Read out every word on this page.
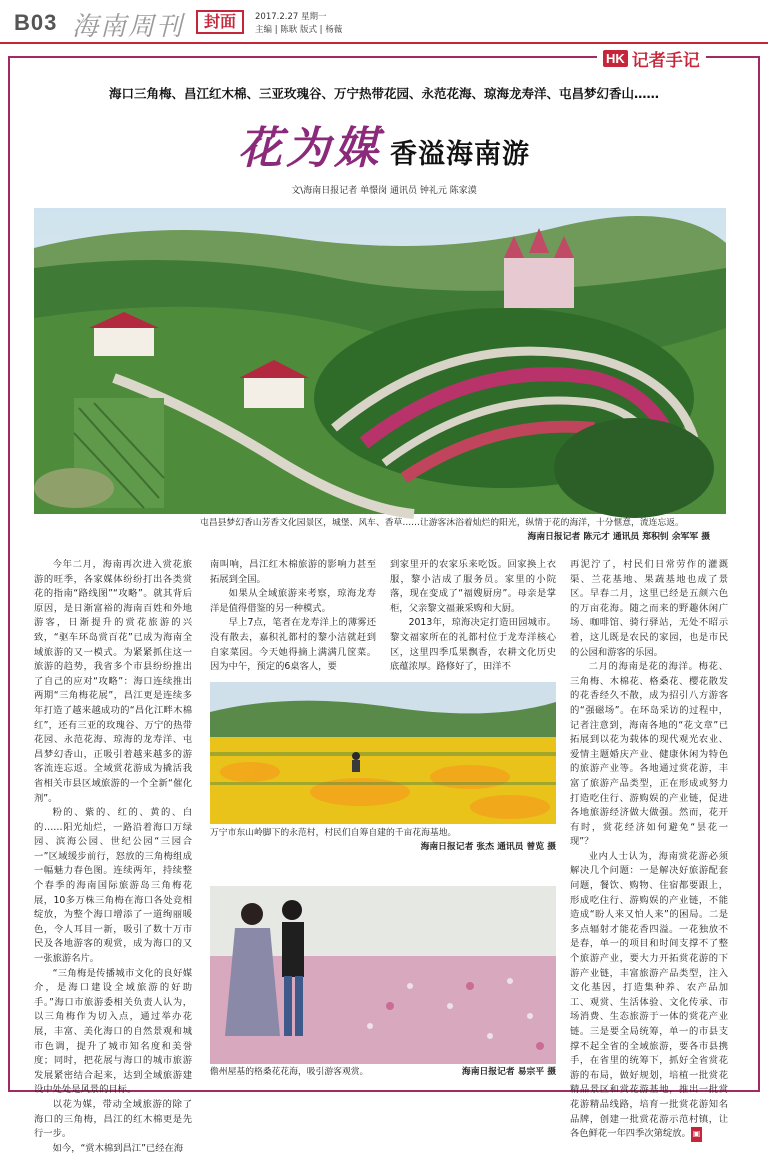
B03 海南周刊	封面	2017.2.27 星期一
主编 | 陈耿 版式 | 杨薇
HK 记者手记
海口三角梅、昌江红木棉、三亚玫瑰谷、万宁热带花园、永范花海、琼海龙寿洋、屯昌梦幻香山……
花为媒 香溢海南游
文\海南日报记者 单憬岗 通讯员 钟礼元 陈家漠
屯昌县梦幻香山芳香文化园景区，城堡、风车、香草……让游客沐浴着灿烂的阳光，纵情于花的海洋，十分惬意，流连忘返。
海南日报记者 陈元才 通讯员 郑积钊 余军军 摄

今年二月，海南再次进入赏花旅游的旺季，各家媒体纷纷打出各类赏花的指南“路线图”“攻略”。就其背后原因，是日渐富裕的海南百姓和外地游客，日渐提升的赏花旅游的兴致，“驱车环岛赏百花”已成为海南全域旅游的又一模式。为紧紧抓住这一旅游的趋势，我省多个市县纷纷推出了自己的应对“攻略”：海口连续推出两期“三角梅花展”，昌江更是连续多年打造了越来越成功的“昌化江畔木棉红”，还有三亚的玫瑰谷、万宁的热带花园、永范花海、琼海的龙寿洋、屯昌梦幻香山，正吸引着越来越多的游客流连忘返。全域赏花游成为撬活我省相关市县区域旅游的一个全新“催化剂”。

粉的、紫的、红的、黄的、白的……阳光灿烂，一路沿着海口万绿园、滨海公园、世纪公园“三园合一”区域缓步前行，怒放的三角梅组成一幅魅力春色图。连续两年，持续整个春季的海南国际旅游岛三角梅花展，10多万株三角梅在海口各处竞相绽放，为整个海口增添了一道绚丽暖色，令人耳目一新，吸引了数十万市民及各地游客的观赏，成为海口的又一张旅游名片。

“三角梅是传播城市文化的良好媒介，是海口建设全域旅游的好助手。”海口市旅游委相关负责人认为，以三角梅作为切入点，通过举办花展，丰富、美化海口的自然景观和城市色调，提升了城市知名度和美誉度；同时，把花展与海口的城市旅游发展紧密结合起来，达到全域旅游建设中处处是风景的目标。

以花为媒，带动全域旅游的除了海口的三角梅，昌江的红木棉更是先行一步。

如今，“赏木棉到昌江”已经在海

南叫响，昌江红木棉旅游的影响力甚至拓展到全国。

如果从全域旅游来考察，琼海龙寿洋是值得借鉴的另一种模式。

早上7点，笔者在龙寿洋上的薄雾还没有散去，嘉积礼都村的黎小洁就赶到自家菜园。今天她得摘上满满几筐菜。因为中午，预定的6桌客人，要

到家里开的农家乐来吃饭。回家换上衣服，黎小洁成了服务员。家里的小院落，现在变成了“福嫂厨房”。母亲是掌柜，父亲黎文福兼采购和大厨。

2013年，琼海决定打造田园城市。黎文福家所在的礼都村位于龙寿洋核心区，这里四季瓜果飘香，农耕文化历史底蕴浓厚。路修好了，田洋不

万宁市东山岭脚下的永范村，村民们自筹自建的千亩花海基地。
海南日报记者 张杰 通讯员 曾览 摄
儋州屋基的格桑花花海，吸引游客观赏。	海南日报记者 易宗平 摄

再泥泞了，村民们日常劳作的灌溉渠、兰花基地、果蔬基地也成了景区。早春二月，这里已经是五颜六色的万亩花海。随之而来的野趣休闲广场、咖啡馆、骑行驿站，无处不昭示着，这儿既是农民的家园，也是市民的公园和游客的乐园。

二月的海南是花的海洋。梅花、三角梅、木棉花、格桑花、樱花散发的花香经久不散，成为招引八方游客的“强磁场”。在环岛采访的过程中，记者注意到，海南各地的“花文章”已拓展到以花为载体的现代观光农业、爱情主题婚庆产业、健康休闲为特色的旅游产业等。各地通过赏花游，丰富了旅游产品类型，正在形成或努力打造吃住行、游购娱的产业链，促进各地旅游经济做大做强。然而，花开有时，赏花经济如何避免“昙花一现”？

业内人士认为，海南赏花游必须解决几个问题：一是解决好旅游配套问题，餐饮、购物、住宿都要跟上，形成吃住行、游购娱的产业链，不能造成“盼人来又怕人来”的困局。二是多点辐射才能花香四溢。一花独放不是春，单一的项目和时间支撑不了整个旅游产业，要大力开拓赏花游的下游产业链，丰富旅游产品类型，注入文化基因，打造集种养、农产品加工、观赏、生活体验、文化传承、市场消费、生态旅游于一体的赏花产业链。三是要全局统筹，单一的市县支撑不起全省的全域旅游，要各市县携手，在省里的统筹下，抓好全省赏花游的布局，做好规划，培植一批赏花精品景区和赏花游基地，推出一批赏花游精品线路，培育一批赏花游知名品牌，创建一批赏花游示范村镇，让各色鲜花一年四季次第绽放。 ▣
